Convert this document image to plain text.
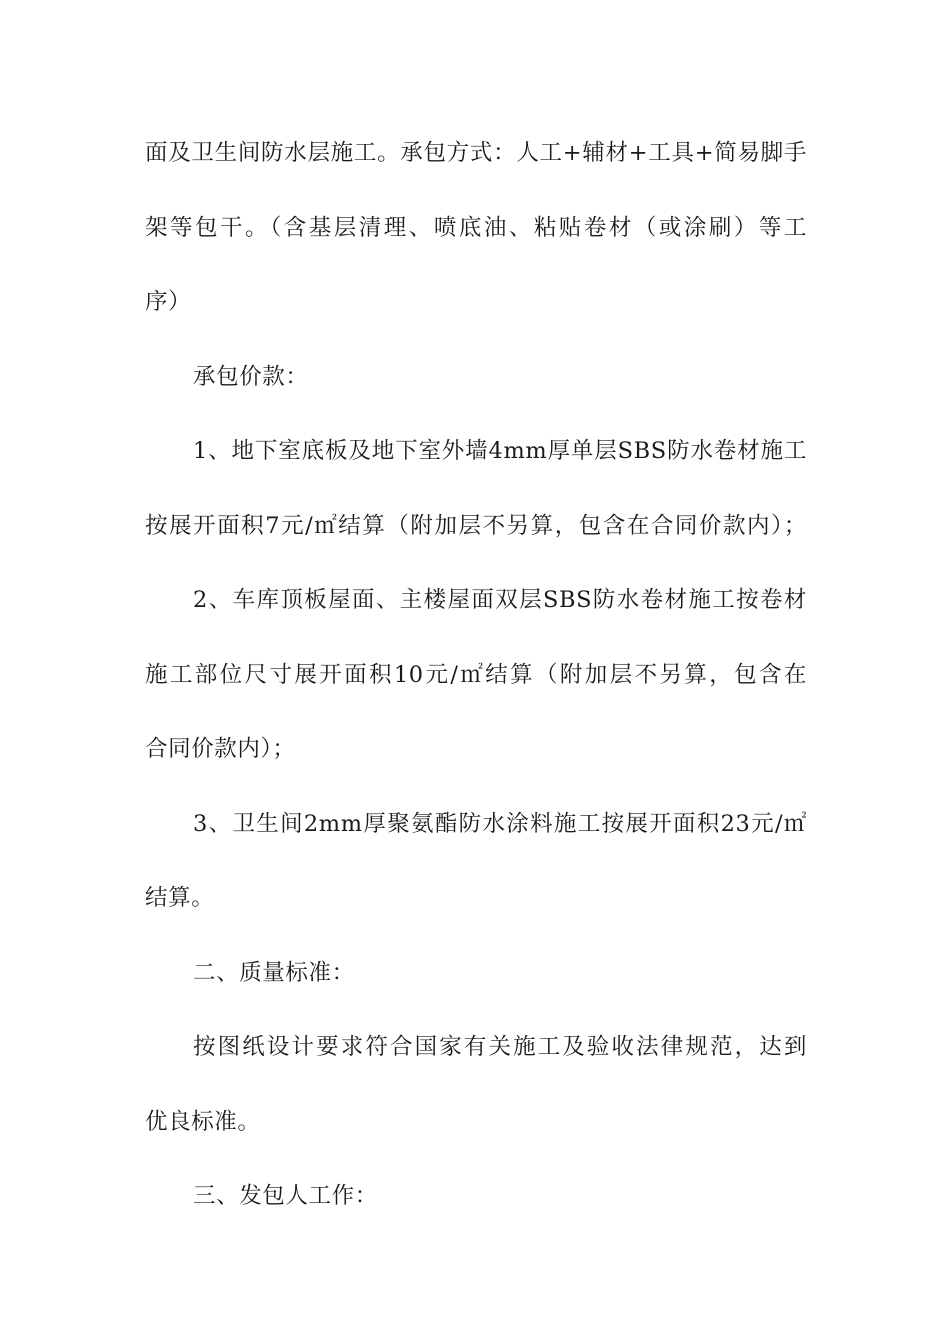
面及卫生间防水层施工。承包方式：人工+辅材+工具+简易脚手
架等包干。（含基层清理、喷底油、粘贴卷材（或涂刷）等工
序）
承包价款：
1、地下室底板及地下室外墙4mm厚单层SBS防水卷材施工
按展开面积7元/㎡结算（附加层不另算，包含在合同价款内）；
2、车库顶板屋面、主楼屋面双层SBS防水卷材施工按卷材
施工部位尺寸展开面积10元/㎡结算（附加层不另算，包含在
合同价款内）；
3、卫生间2mm厚聚氨酯防水涂料施工按展开面积23元/㎡
结算。
二、质量标准：
按图纸设计要求符合国家有关施工及验收法律规范，达到
优良标准。
三、发包人工作：
